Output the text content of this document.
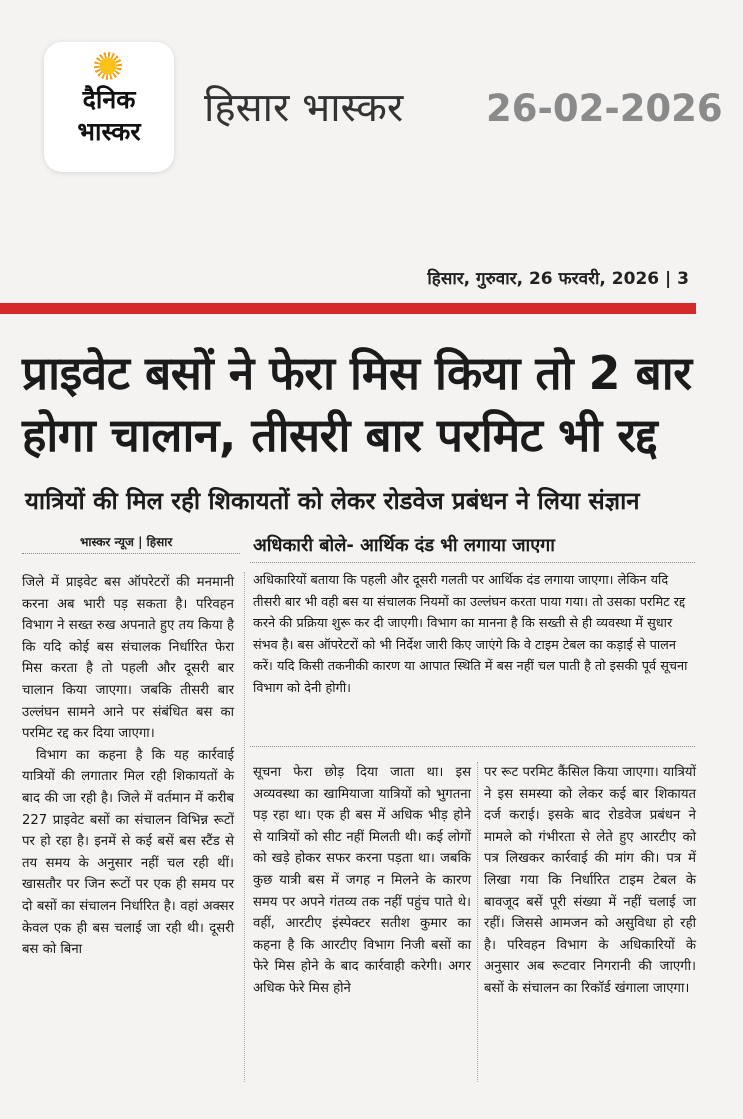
दैनिक
भास्कर
हिसार भास्कर 26-02-2026
हिसार, गुरुवार, 26 फरवरी, 2026 | 3
प्राइवेट बसों ने फेरा मिस किया तो 2 बार होगा चालान, तीसरी बार परमिट भी रद्द
यात्रियों की मिल रही शिकायतों को लेकर रोडवेज प्रबंधन ने लिया संज्ञान
भास्कर न्यूज | हिसार	अधिकारी बोले- आर्थिक दंड भी लगाया जाएगा

जिले में प्राइवेट बस ऑपरेटरों की मनमानी करना अब भारी पड़ सकता है। परिवहन विभाग ने सख्त रुख अपनाते हुए तय किया है कि यदि कोई बस संचालक निर्धारित फेरा मिस करता है तो पहली और दूसरी बार चालान किया जाएगा। जबकि तीसरी बार उल्लंघन सामने आने पर संबंधित बस का परमिट रद्द कर दिया जाएगा।

विभाग का कहना है कि यह कार्रवाई यात्रियों की लगातार मिल रही शिकायतों के बाद की जा रही है। जिले में वर्तमान में करीब 227 प्राइवेट बसों का संचालन विभिन्न रूटों पर हो रहा है। इनमें से कई बसें बस स्टैंड से तय समय के अनुसार नहीं चल रही थीं। खासतौर पर जिन रूटों पर एक ही समय पर दो बसों का संचालन निर्धारित है। वहां अक्सर केवल एक ही बस चलाई जा रही थी। दूसरी बस को बिना

अधिकारियों बताया कि पहली और दूसरी गलती पर आर्थिक दंड लगाया जाएगा। लेकिन यदि तीसरी बार भी वही बस या संचालक नियमों का उल्लंघन करता पाया गया। तो उसका परमिट रद्द करने की प्रक्रिया शुरू कर दी जाएगी। विभाग का मानना है कि सख्ती से ही व्यवस्था में सुधार संभव है। बस ऑपरेटरों को भी निर्देश जारी किए जाएंगे कि वे टाइम टेबल का कड़ाई से पालन करें। यदि किसी तकनीकी कारण या आपात स्थिति में बस नहीं चल पाती है तो इसकी पूर्व सूचना विभाग को देनी होगी।
सूचना फेरा छोड़ दिया जाता था। इस अव्यवस्था का खामियाजा यात्रियों को भुगतना पड़ रहा था। एक ही बस में अधिक भीड़ होने से यात्रियों को सीट नहीं मिलती थी। कई लोगों को खड़े होकर सफर करना पड़ता था। जबकि कुछ यात्री बस में जगह न मिलने के कारण समय पर अपने गंतव्य तक नहीं पहुंच पाते थे। वहीं, आरटीए इंस्पेक्टर सतीश कुमार का कहना है कि आरटीए विभाग निजी बसों का फेरे मिस होने के बाद कार्रवाही करेगी। अगर अधिक फेरे मिस होने
पर रूट परमिट कैंसिल किया जाएगा। यात्रियों ने इस समस्या को लेकर कई बार शिकायत दर्ज कराई। इसके बाद रोडवेज प्रबंधन ने मामले को गंभीरता से लेते हुए आरटीए को पत्र लिखकर कार्रवाई की मांग की। पत्र में लिखा गया कि निर्धारित टाइम टेबल के बावजूद बसें पूरी संख्या में नहीं चलाई जा रहीं। जिससे आमजन को असुविधा हो रही है। परिवहन विभाग के अधिकारियों के अनुसार अब रूटवार निगरानी की जाएगी। बसों के संचालन का रिकॉर्ड खंगाला जाएगा।
